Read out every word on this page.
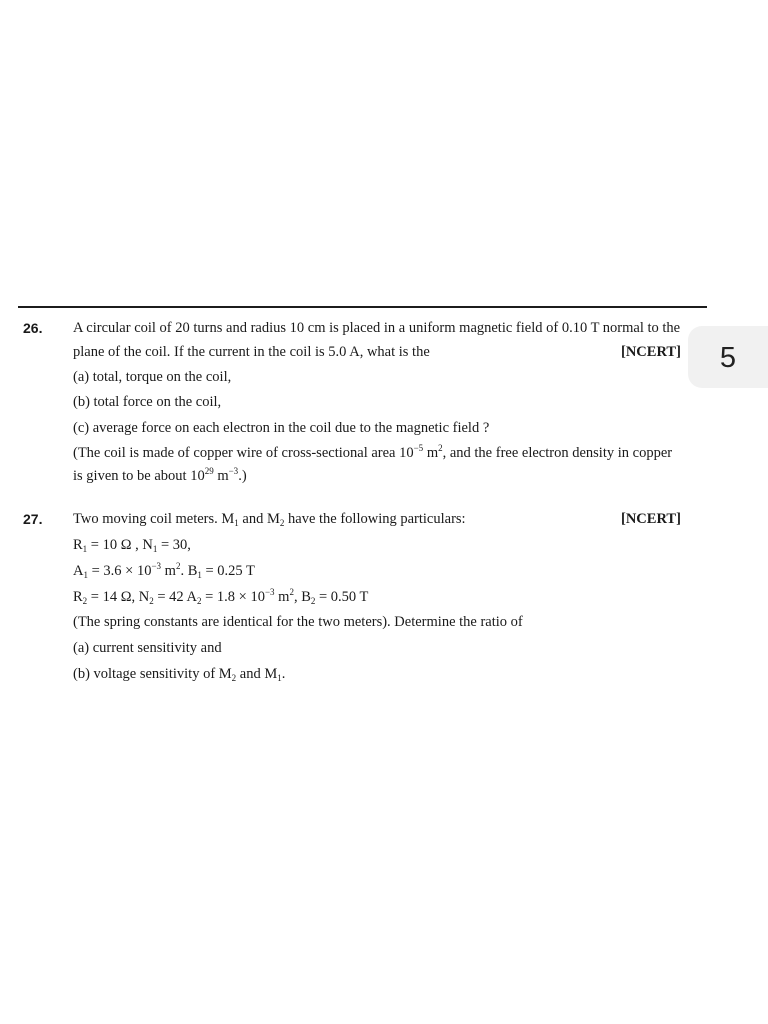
5
26. A circular coil of 20 turns and radius 10 cm is placed in a uniform magnetic field of 0.10 T normal to the
plane of the coil. If the current in the coil is 5.0 A, what is the	[NCERT]
(a) total, torque on the coil,
(b) total force on the coil,
(c) average force on each electron in the coil due to the magnetic field ?
(The coil is made of copper wire of cross-sectional area $10^{-5}$ $m^2$, and the free electron density in copper
is given to be about $10^{29}$ $m^{-3}$.)
27. Two moving coil meters. $M_1$ and $M_2$ have the following particulars:	[NCERT]
$R_1 = 10$ Ω , $N_1 = 30$,
$A_1 = 3.6 \times 10^{-3}$ $m^2$. $B_1 = 0.25$ T
$R_2 = 14$ Ω, $N_2 = 42$ $A_2 = 1.8 \times 10^{-3}$ $m^2$, $B_2 = 0.50$ T
(The spring constants are identical for the two meters). Determine the ratio of
(a) current sensitivity and
(b) voltage sensitivity of $M_2$ and $M_1$.
